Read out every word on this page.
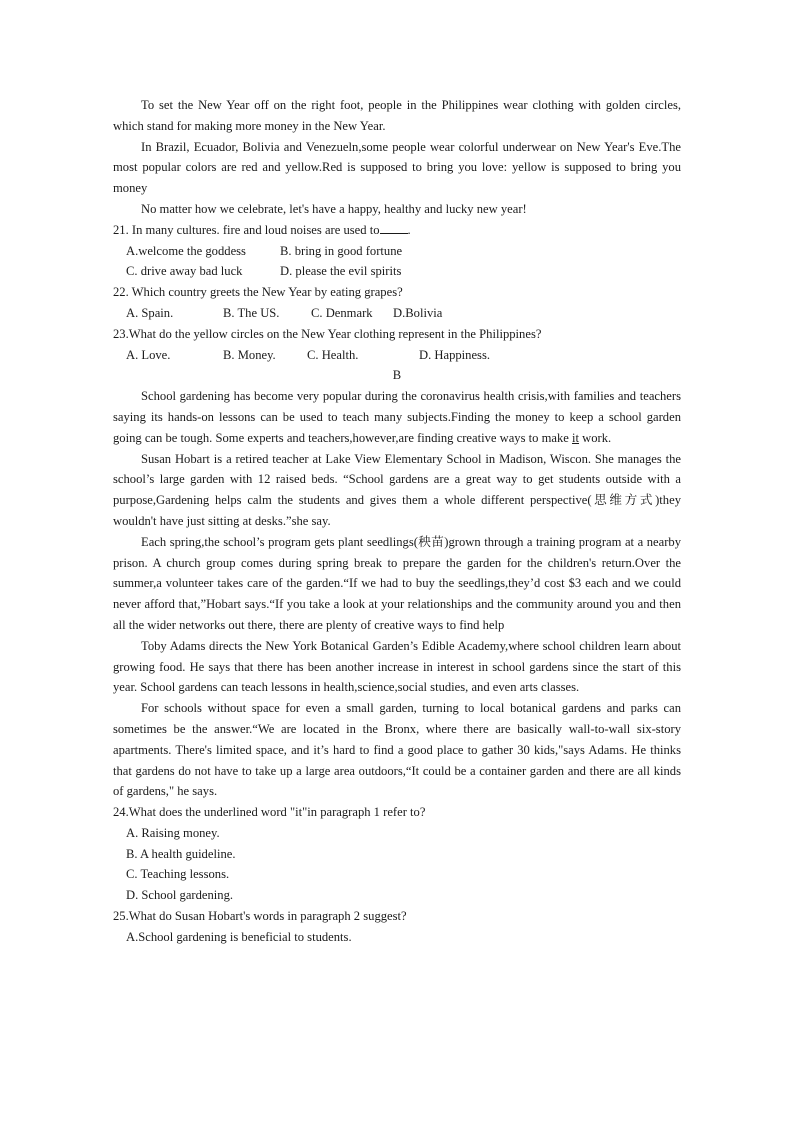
To set the New Year off on the right foot, people in the Philippines wear clothing with golden circles, which stand for making more money in the New Year.

In Brazil, Ecuador, Bolivia and Venezueln,some people wear colorful underwear on New Year's Eve.The most popular colors are red and yellow.Red is supposed to bring you love: yellow is supposed to bring you money

No matter how we celebrate, let's have a happy, healthy and lucky new year!

21. In many cultures. fire and loud noises are used to .

A.welcome the goddess	B. bring in good fortune
C. drive away bad luck	D. please the evil spirits

22. Which country greets the New Year by eating grapes?

A. Spain.	B. The US.	C. Denmark	D.Bolivia

23.What do the yellow circles on the New Year clothing represent in the Philippines?

A. Love.	B. Money.	C. Health.	D. Happiness.

B

School gardening has become very popular during the coronavirus health crisis,with families and teachers saying its hands-on lessons can be used to teach many subjects.Finding the money to keep a school garden going can be tough. Some experts and teachers,however,are finding creative ways to make it work.

Susan Hobart is a retired teacher at Lake View Elementary School in Madison, Wiscon. She manages the school’s large garden with 12 raised beds. “School gardens are a great way to get students outside with a purpose,Gardening helps calm the students and gives them a whole different perspective(思维方式)they wouldn't have just sitting at desks.”she say.

Each spring,the school’s program gets plant seedlings(秧苗)grown through a training program at a nearby prison. A church group comes during spring break to prepare the garden for the children's return.Over the summer,a volunteer takes care of the garden.“If we had to buy the seedlings,they’d cost $3 each and we could never afford that,”Hobart says.“If you take a look at your relationships and the community around you and then all the wider networks out there, there are plenty of creative ways to find help

Toby Adams directs the New York Botanical Garden’s Edible Academy,where school children learn about growing food. He says that there has been another increase in interest in school gardens since the start of this year. School gardens can teach lessons in health,science,social studies, and even arts classes.

For schools without space for even a small garden, turning to local botanical gardens and parks can sometimes be the answer.“We are located in the Bronx, where there are basically wall-to-wall six-story apartments. There's limited space, and it’s hard to find a good place to gather 30 kids,"says Adams. He thinks that gardens do not have to take up a large area outdoors,“It could be a container garden and there are all kinds of gardens," he says.

24.What does the underlined word "it"in paragraph 1 refer to?

A. Raising money.

B. A health guideline.

C. Teaching lessons.

D. School gardening.

25.What do Susan Hobart's words in paragraph 2 suggest?

A.School gardening is beneficial to students.
